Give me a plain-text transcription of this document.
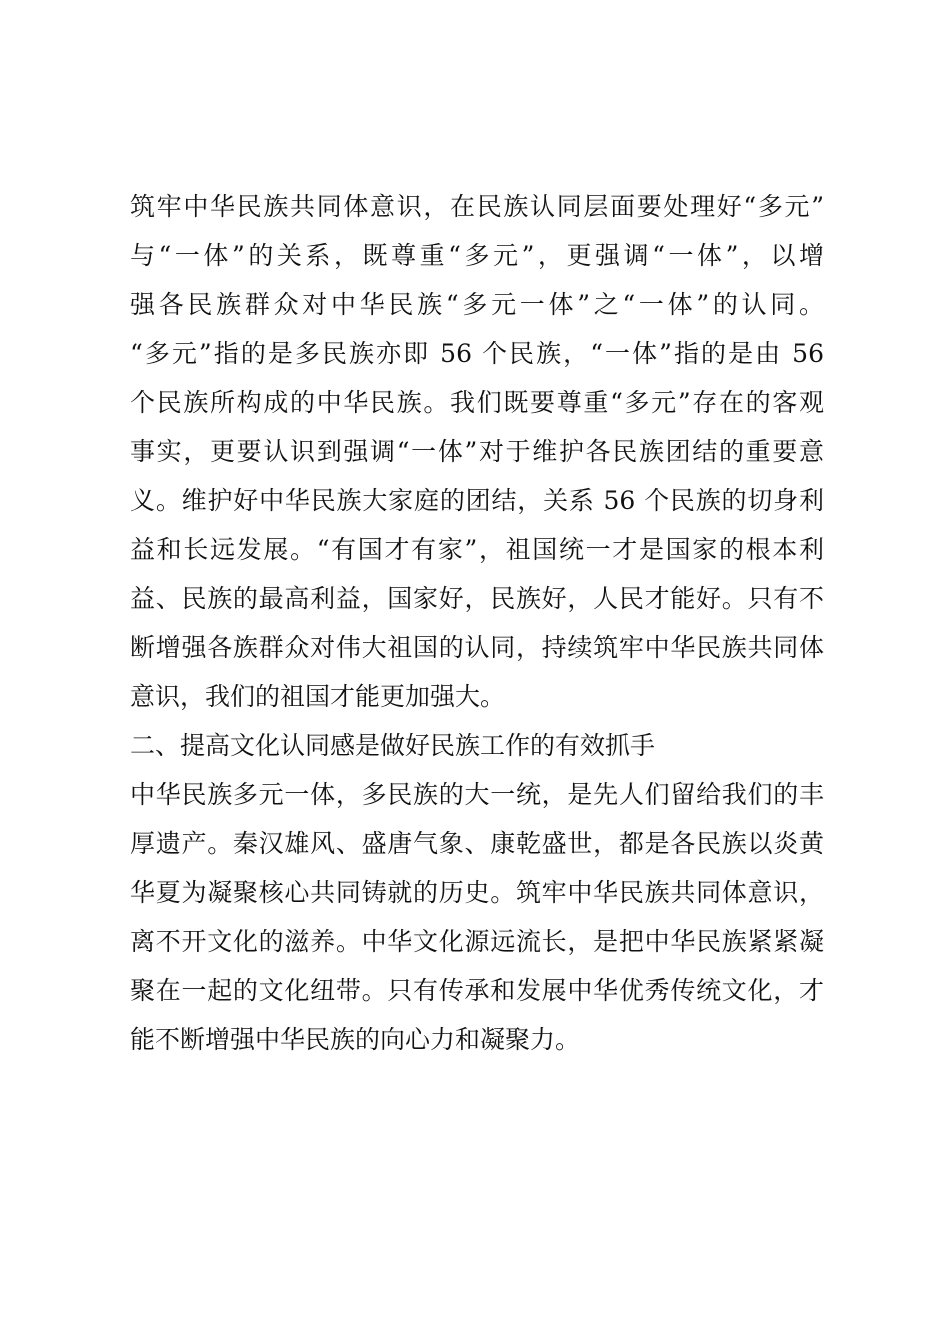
筑牢中华民族共同体意识，在民族认同层面要处理好“多元”
与“一体”的关系，既尊重“多元”，更强调“一体”，以增
强各民族群众对中华民族“多元一体”之“一体”的认同。
“多元”指的是多民族亦即 56 个民族，“一体”指的是由 56
个民族所构成的中华民族。我们既要尊重“多元”存在的客观
事实，更要认识到强调“一体”对于维护各民族团结的重要意
义。维护好中华民族大家庭的团结，关系 56 个民族的切身利
益和长远发展。“有国才有家”，祖国统一才是国家的根本利
益、民族的最高利益，国家好，民族好，人民才能好。只有不
断增强各族群众对伟大祖国的认同，持续筑牢中华民族共同体
意识，我们的祖国才能更加强大。
二、提高文化认同感是做好民族工作的有效抓手
中华民族多元一体，多民族的大一统，是先人们留给我们的丰
厚遗产。秦汉雄风、盛唐气象、康乾盛世，都是各民族以炎黄
华夏为凝聚核心共同铸就的历史。筑牢中华民族共同体意识，
离不开文化的滋养。中华文化源远流长，是把中华民族紧紧凝
聚在一起的文化纽带。只有传承和发展中华优秀传统文化，才
能不断增强中华民族的向心力和凝聚力。
